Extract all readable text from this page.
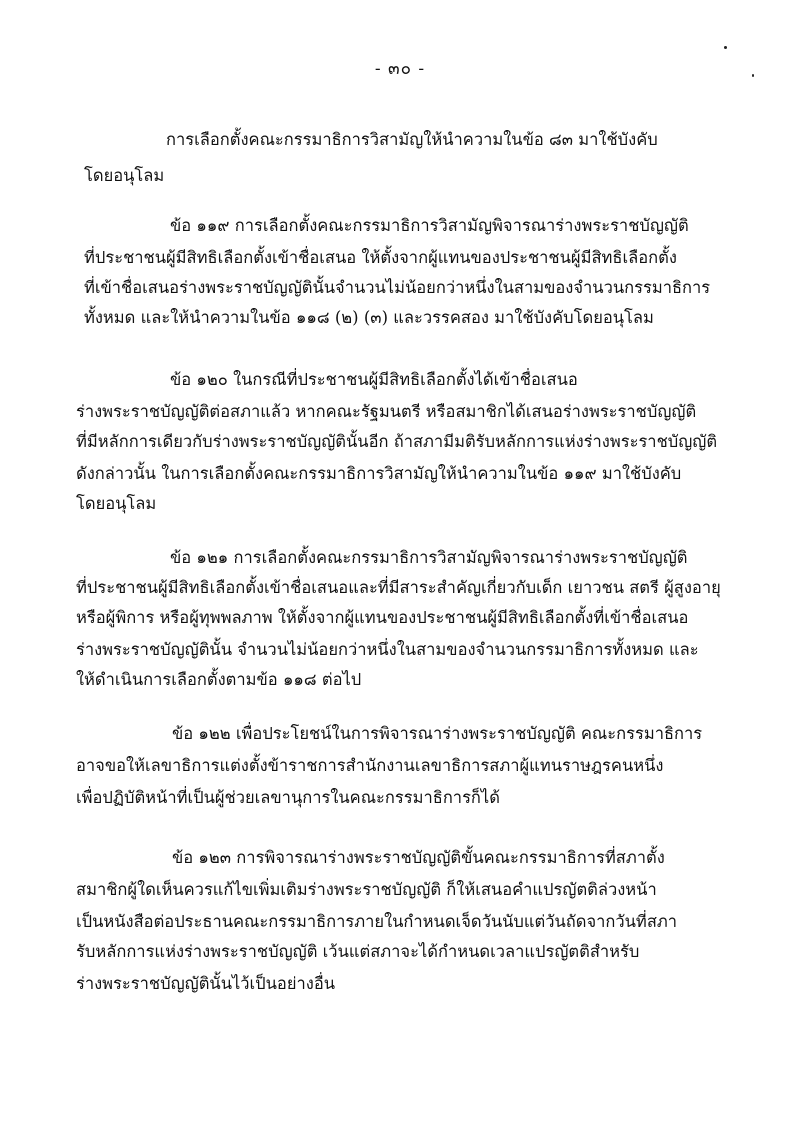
- ๓๐ -
การเลือกตั้งคณะกรรมาธิการวิสามัญให้นำความในข้อ ๘๓ มาใช้บังคับ
โดยอนุโลม
ข้อ ๑๑๙ การเลือกตั้งคณะกรรมาธิการวิสามัญพิจารณาร่างพระราชบัญญัติ
ที่ประชาชนผู้มีสิทธิเลือกตั้งเข้าชื่อเสนอ ให้ตั้งจากผู้แทนของประชาชนผู้มีสิทธิเลือกตั้ง
ที่เข้าชื่อเสนอร่างพระราชบัญญัตินั้นจำนวนไม่น้อยกว่าหนึ่งในสามของจำนวนกรรมาธิการ
ทั้งหมด และให้นำความในข้อ ๑๑๘ (๒) (๓) และวรรคสอง มาใช้บังคับโดยอนุโลม
ข้อ ๑๒๐ ในกรณีที่ประชาชนผู้มีสิทธิเลือกตั้งได้เข้าชื่อเสนอ
ร่างพระราชบัญญัติต่อสภาแล้ว หากคณะรัฐมนตรี หรือสมาชิกได้เสนอร่างพระราชบัญญัติ
ที่มีหลักการเดียวกับร่างพระราชบัญญัตินั้นอีก ถ้าสภามีมติรับหลักการแห่งร่างพระราชบัญญัติ
ดังกล่าวนั้น ในการเลือกตั้งคณะกรรมาธิการวิสามัญให้นำความในข้อ ๑๑๙ มาใช้บังคับ
โดยอนุโลม
ข้อ ๑๒๑ การเลือกตั้งคณะกรรมาธิการวิสามัญพิจารณาร่างพระราชบัญญัติ
ที่ประชาชนผู้มีสิทธิเลือกตั้งเข้าชื่อเสนอและที่มีสาระสำคัญเกี่ยวกับเด็ก เยาวชน สตรี ผู้สูงอายุ
หรือผู้พิการ หรือผู้ทุพพลภาพ ให้ตั้งจากผู้แทนของประชาชนผู้มีสิทธิเลือกตั้งที่เข้าชื่อเสนอ
ร่างพระราชบัญญัตินั้น จำนวนไม่น้อยกว่าหนึ่งในสามของจำนวนกรรมาธิการทั้งหมด และ
ให้ดำเนินการเลือกตั้งตามข้อ ๑๑๘ ต่อไป
ข้อ ๑๒๒ เพื่อประโยชน์ในการพิจารณาร่างพระราชบัญญัติ คณะกรรมาธิการ
อาจขอให้เลขาธิการแต่งตั้งข้าราชการสำนักงานเลขาธิการสภาผู้แทนราษฎรคนหนึ่ง
เพื่อปฏิบัติหน้าที่เป็นผู้ช่วยเลขานุการในคณะกรรมาธิการก็ได้
ข้อ ๑๒๓ การพิจารณาร่างพระราชบัญญัติขั้นคณะกรรมาธิการที่สภาตั้ง
สมาชิกผู้ใดเห็นควรแก้ไขเพิ่มเติมร่างพระราชบัญญัติ ก็ให้เสนอคำแปรญัตติล่วงหน้า
เป็นหนังสือต่อประธานคณะกรรมาธิการภายในกำหนดเจ็ดวันนับแต่วันถัดจากวันที่สภา
รับหลักการแห่งร่างพระราชบัญญัติ เว้นแต่สภาจะได้กำหนดเวลาแปรญัตติสำหรับ
ร่างพระราชบัญญัตินั้นไว้เป็นอย่างอื่น
